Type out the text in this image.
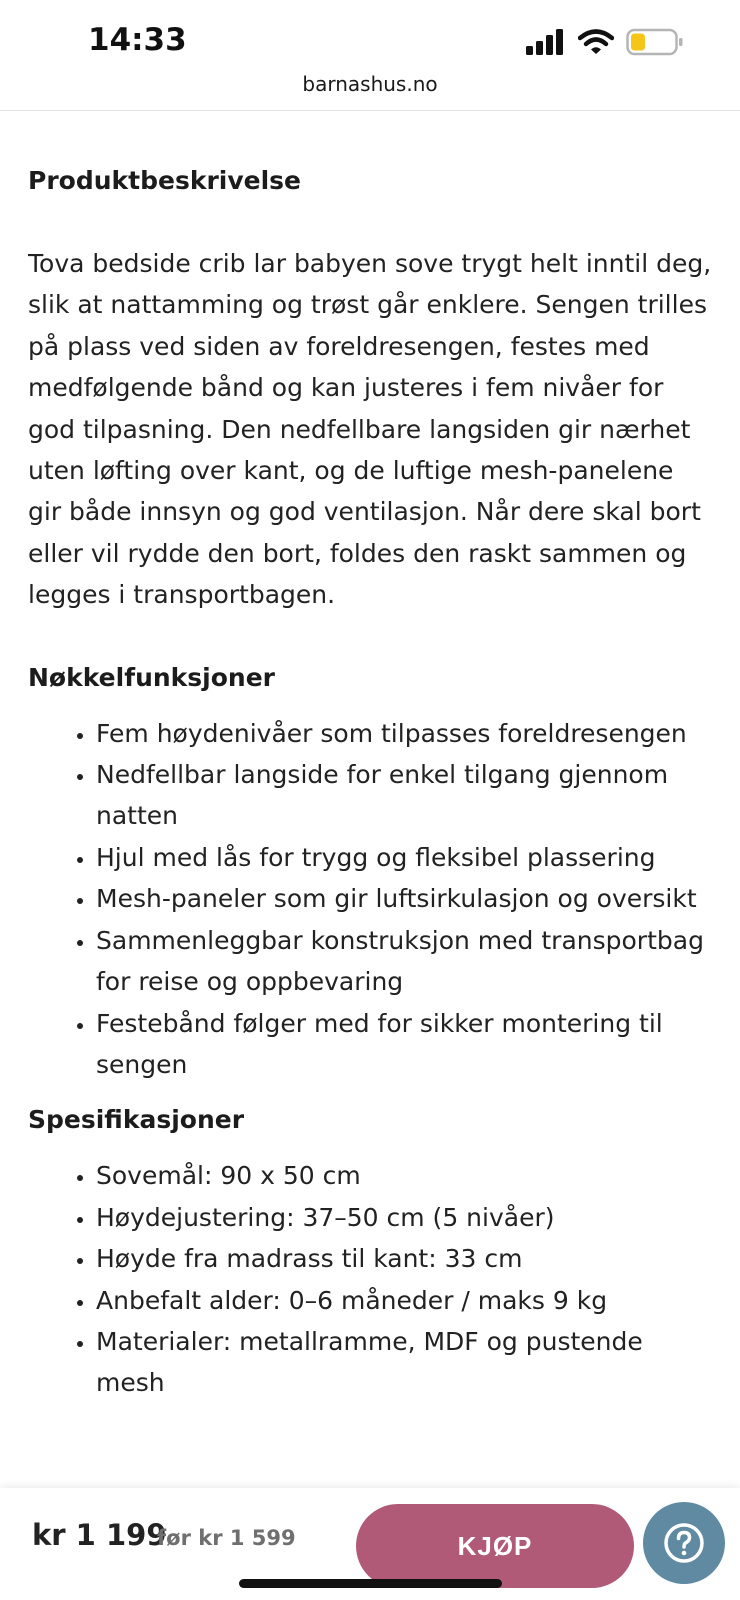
14:33
barnashus.no
Produktbeskrivelse

Tova bedside crib lar babyen sove trygt helt inntil deg, slik at nattamming og trøst går enklere. Sengen trilles på plass ved siden av foreldresengen, festes med medfølgende bånd og kan justeres i fem nivåer for god tilpasning. Den nedfellbare langsiden gir nærhet uten løfting over kant, og de luftige mesh-panelene gir både innsyn og god ventilasjon. Når dere skal bort eller vil rydde den bort, foldes den raskt sammen og legges i transportbagen.

Nøkkelfunksjoner
• Fem høydenivåer som tilpasses foreldresengen
• Nedfellbar langside for enkel tilgang gjennom natten
• Hjul med lås for trygg og fleksibel plassering
• Mesh-paneler som gir luftsirkulasjon og oversikt
• Sammenleggbar konstruksjon med transportbag for reise og oppbevaring
• Festebånd følger med for sikker montering til sengen
Spesifikasjoner
• Sovemål: 90 x 50 cm
• Høydejustering: 37–50 cm (5 nivåer)
• Høyde fra madrass til kant: 33 cm
• Anbefalt alder: 0–6 måneder / maks 9 kg
• Materialer: metallramme, MDF og pustende mesh
kr 1 199
før kr 1 599	KJØP
